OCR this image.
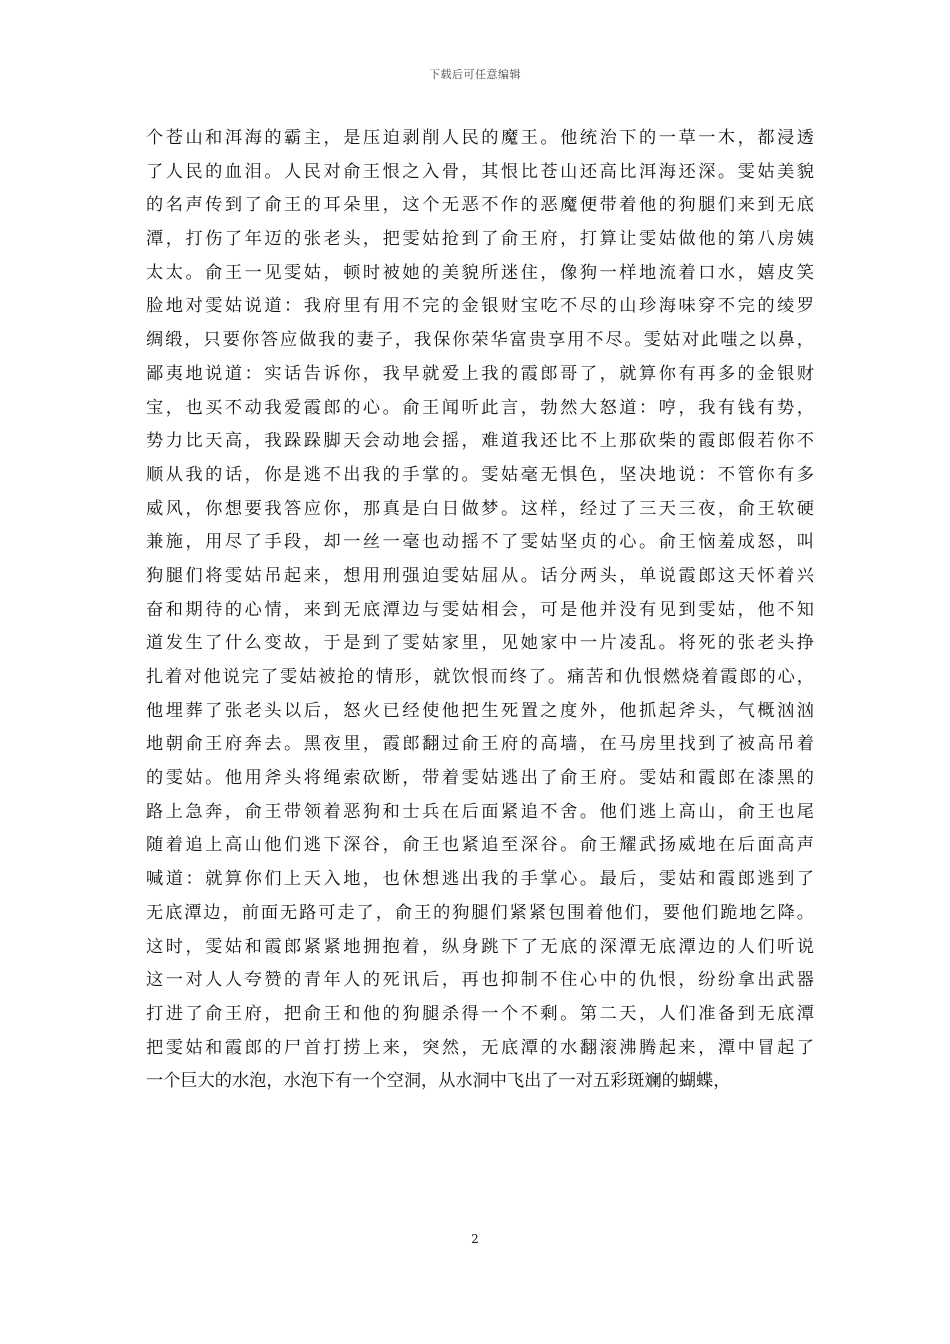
下载后可任意编辑
个苍山和洱海的霸主，是压迫剥削人民的魔王。他统治下的一草一木，都浸透
了人民的血泪。人民对俞王恨之入骨，其恨比苍山还高比洱海还深。雯姑美貌
的名声传到了俞王的耳朵里，这个无恶不作的恶魔便带着他的狗腿们来到无底
潭，打伤了年迈的张老头，把雯姑抢到了俞王府，打算让雯姑做他的第八房姨
太太。俞王一见雯姑，顿时被她的美貌所迷住，像狗一样地流着口水，嬉皮笑
脸地对雯姑说道：我府里有用不完的金银财宝吃不尽的山珍海味穿不完的绫罗
绸缎，只要你答应做我的妻子，我保你荣华富贵享用不尽。雯姑对此嗤之以鼻，
鄙夷地说道：实话告诉你，我早就爱上我的霞郎哥了，就算你有再多的金银财
宝，也买不动我爱霞郎的心。俞王闻听此言，勃然大怒道：哼，我有钱有势，
势力比天高，我跺跺脚天会动地会摇，难道我还比不上那砍柴的霞郎假若你不
顺从我的话，你是逃不出我的手掌的。雯姑毫无惧色，坚决地说：不管你有多
威风，你想要我答应你，那真是白日做梦。这样，经过了三天三夜，俞王软硬
兼施，用尽了手段，却一丝一毫也动摇不了雯姑坚贞的心。俞王恼羞成怒，叫
狗腿们将雯姑吊起来，想用刑强迫雯姑屈从。话分两头，单说霞郎这天怀着兴
奋和期待的心情，来到无底潭边与雯姑相会，可是他并没有见到雯姑，他不知
道发生了什么变故，于是到了雯姑家里，见她家中一片凌乱。将死的张老头挣
扎着对他说完了雯姑被抢的情形，就饮恨而终了。痛苦和仇恨燃烧着霞郎的心，
他埋葬了张老头以后，怒火已经使他把生死置之度外，他抓起斧头，气概汹汹
地朝俞王府奔去。黑夜里，霞郎翻过俞王府的高墙，在马房里找到了被高吊着
的雯姑。他用斧头将绳索砍断，带着雯姑逃出了俞王府。雯姑和霞郎在漆黑的
路上急奔，俞王带领着恶狗和士兵在后面紧追不舍。他们逃上高山，俞王也尾
随着追上高山他们逃下深谷，俞王也紧追至深谷。俞王耀武扬威地在后面高声
喊道：就算你们上天入地，也休想逃出我的手掌心。最后，雯姑和霞郎逃到了
无底潭边，前面无路可走了，俞王的狗腿们紧紧包围着他们，要他们跪地乞降。
这时，雯姑和霞郎紧紧地拥抱着，纵身跳下了无底的深潭无底潭边的人们听说
这一对人人夸赞的青年人的死讯后，再也抑制不住心中的仇恨，纷纷拿出武器
打进了俞王府，把俞王和他的狗腿杀得一个不剩。第二天，人们准备到无底潭
把雯姑和霞郎的尸首打捞上来，突然，无底潭的水翻滚沸腾起来，潭中冒起了
一个巨大的水泡，水泡下有一个空洞，从水洞中飞出了一对五彩斑斓的蝴蝶，
2
